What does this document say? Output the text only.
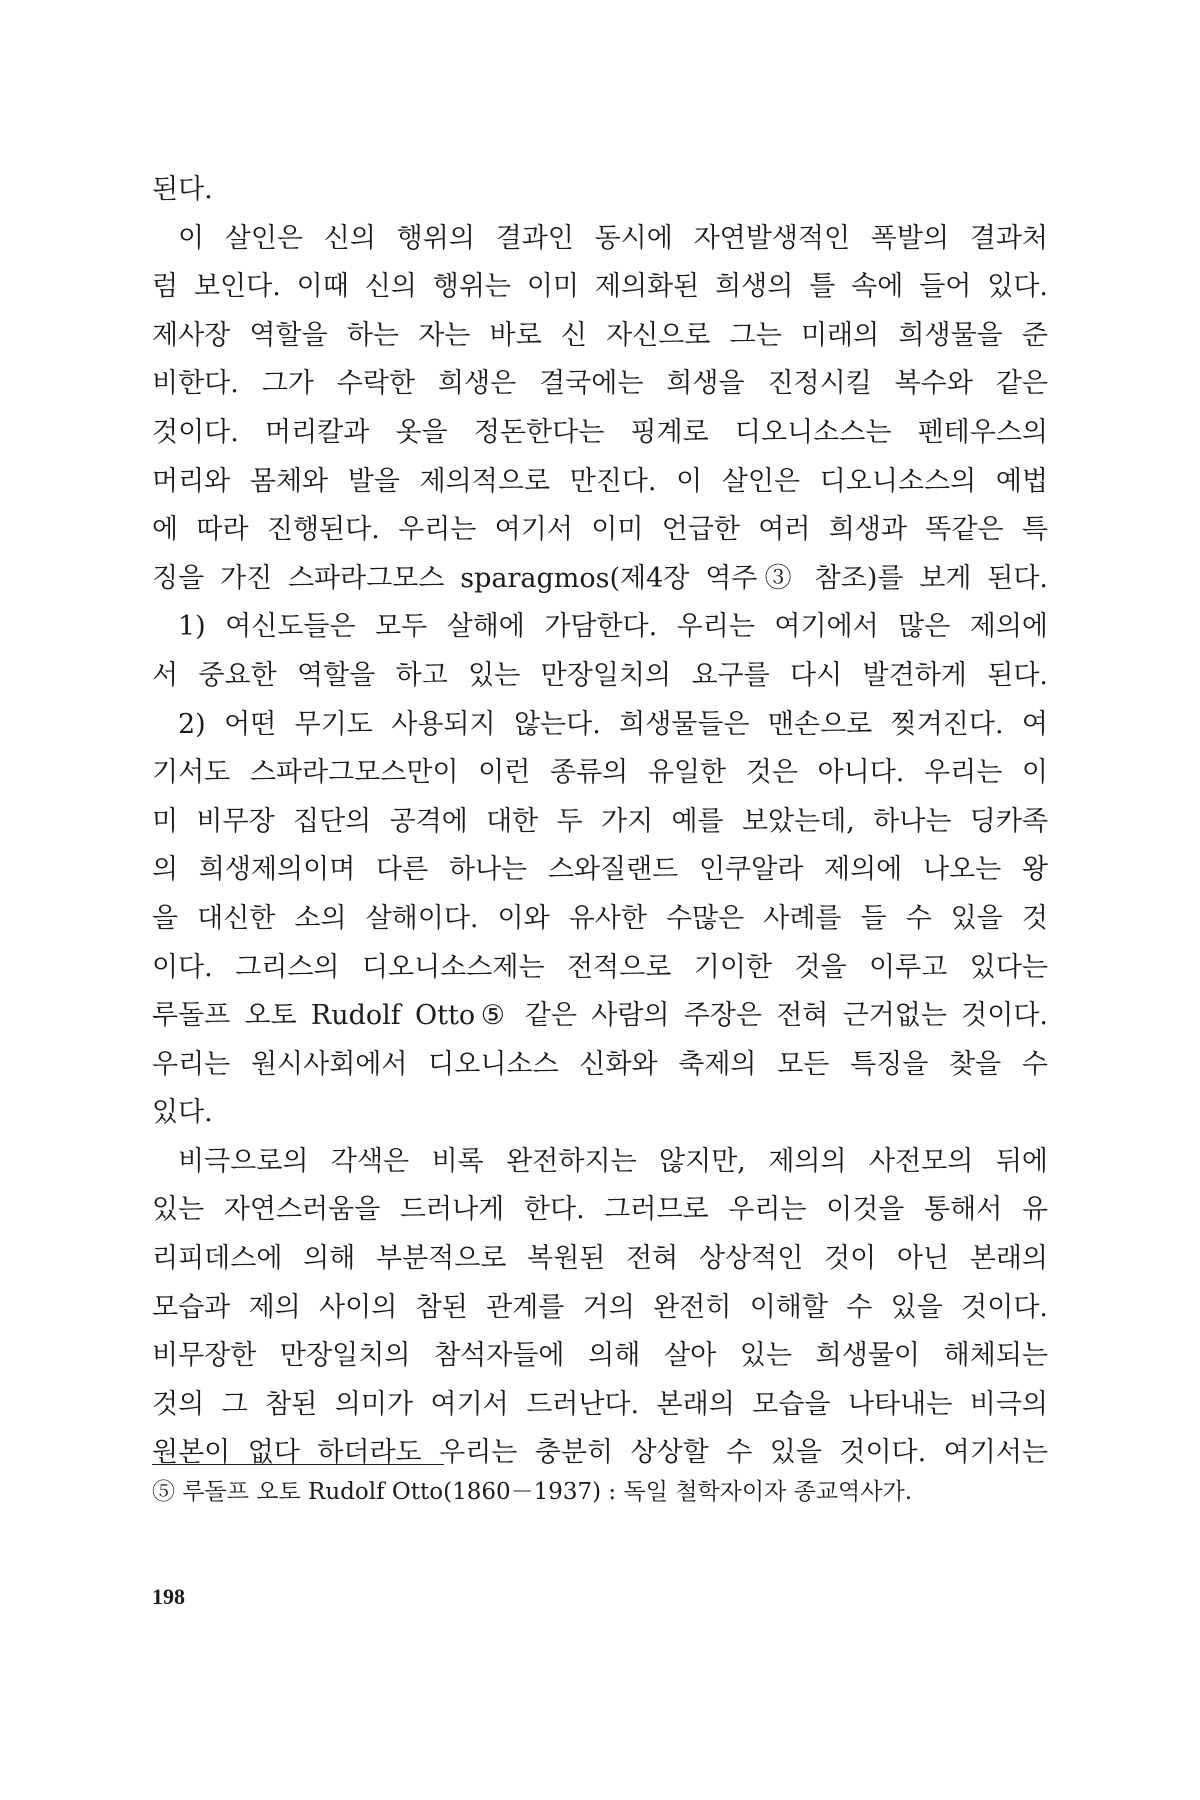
된다.
이 살인은 신의 행위의 결과인 동시에 자연발생적인 폭발의 결과처
럼 보인다. 이때 신의 행위는 이미 제의화된 희생의 틀 속에 들어 있다.
제사장 역할을 하는 자는 바로 신 자신으로 그는 미래의 희생물을 준
비한다. 그가 수락한 희생은 결국에는 희생을 진정시킬 복수와 같은
것이다. 머리칼과 옷을 정돈한다는 핑계로 디오니소스는 펜테우스의
머리와 몸체와 발을 제의적으로 만진다. 이 살인은 디오니소스의 예법
에 따라 진행된다. 우리는 여기서 이미 언급한 여러 희생과 똑같은 특
징을 가진 스파라그모스 sparagmos(제4장 역주③ 참조)를 보게 된다.
1) 여신도들은 모두 살해에 가담한다. 우리는 여기에서 많은 제의에
서 중요한 역할을 하고 있는 만장일치의 요구를 다시 발견하게 된다.
2) 어떤 무기도 사용되지 않는다. 희생물들은 맨손으로 찢겨진다. 여
기서도 스파라그모스만이 이런 종류의 유일한 것은 아니다. 우리는 이
미 비무장 집단의 공격에 대한 두 가지 예를 보았는데, 하나는 딩카족
의 희생제의이며 다른 하나는 스와질랜드 인쿠알라 제의에 나오는 왕
을 대신한 소의 살해이다. 이와 유사한 수많은 사례를 들 수 있을 것
이다. 그리스의 디오니소스제는 전적으로 기이한 것을 이루고 있다는
루돌프 오토 Rudolf Otto⑤ 같은 사람의 주장은 전혀 근거없는 것이다.
우리는 원시사회에서 디오니소스 신화와 축제의 모든 특징을 찾을 수
있다.
비극으로의 각색은 비록 완전하지는 않지만, 제의의 사전모의 뒤에
있는 자연스러움을 드러나게 한다. 그러므로 우리는 이것을 통해서 유
리피데스에 의해 부분적으로 복원된 전혀 상상적인 것이 아닌 본래의
모습과 제의 사이의 참된 관계를 거의 완전히 이해할 수 있을 것이다.
비무장한 만장일치의 참석자들에 의해 살아 있는 희생물이 해체되는
것의 그 참된 의미가 여기서 드러난다. 본래의 모습을 나타내는 비극의
원본이 없다 하더라도 우리는 충분히 상상할 수 있을 것이다. 여기서는
⑤ 루돌프 오토 Rudolf Otto(1860－1937) : 독일 철학자이자 종교역사가.
198
